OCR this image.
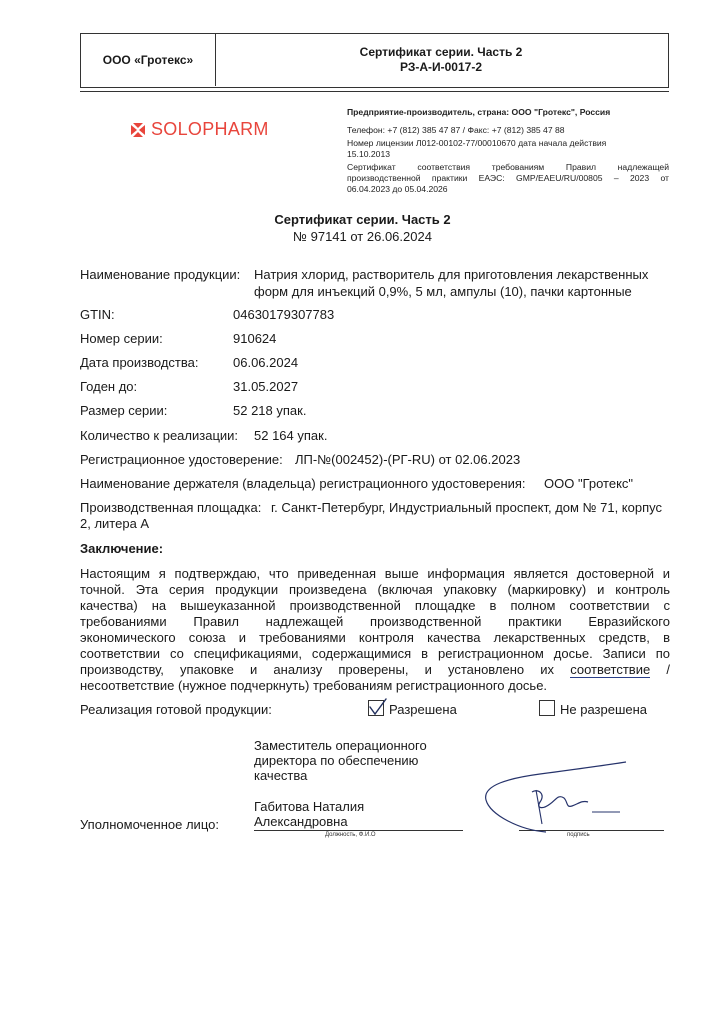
ООО «Гротекс»
Сертификат серии. Часть 2
РЗ-А-И-0017-2
SOLOPHARM
Предприятие-производитель, страна: ООО "Гротекс", Россия
Телефон: +7 (812) 385 47 87 / Факс: +7 (812) 385 47 88
Номер лицензии Л012-00102-77/00010670 дата начала действия
15.10.2013
Сертификат соответствия требованиям Правил надлежащей
производственной практики ЕАЭС: GMP/EAEU/RU/00805 – 2023 от
06.04.2023 до 05.04.2026
Сертификат серии. Часть 2
№ 97141 от 26.06.2024
Наименование продукции: Натрия хлорид, растворитель для приготовления лекарственных
форм для инъекций 0,9%, 5 мл, ампулы (10), пачки картонные
GTIN:	04630179307783
Номер серии:	910624
Дата производства:	06.06.2024
Годен до:	31.05.2027
Размер серии:	52 218 упак.
Количество к реализации: 52 164 упак.
Регистрационное удостоверение: ЛП-№(002452)-(РГ-RU) от 02.06.2023
Наименование держателя (владельца) регистрационного удостоверения: ООО "Гротекс"
Производственная площадка: г. Санкт-Петербург, Индустриальный проспект, дом № 71, корпус
2, литера А
Заключение:
Настоящим я подтверждаю, что приведенная выше информация является достоверной и
точной. Эта серия продукции произведена (включая упаковку (маркировку) и контроль
качества) на вышеуказанной производственной площадке в полном соответствии с
требованиями Правил надлежащей производственной практики Евразийского
экономического союза и требованиями контроля качества лекарственных средств, в
соответствии со спецификациями, содержащимися в регистрационном досье. Записи по
производству, упаковке и анализу проверены, и установлено их соответствие /
несоответствие (нужное подчеркнуть) требованиям регистрационного досье.
Реализация готовой продукции:	Разрешена	Не разрешена
Заместитель операционного
директора по обеспечению
качества
Габитова Наталия
Александровна
Уполномоченное лицо:
Должность, Ф.И.О	подпись
